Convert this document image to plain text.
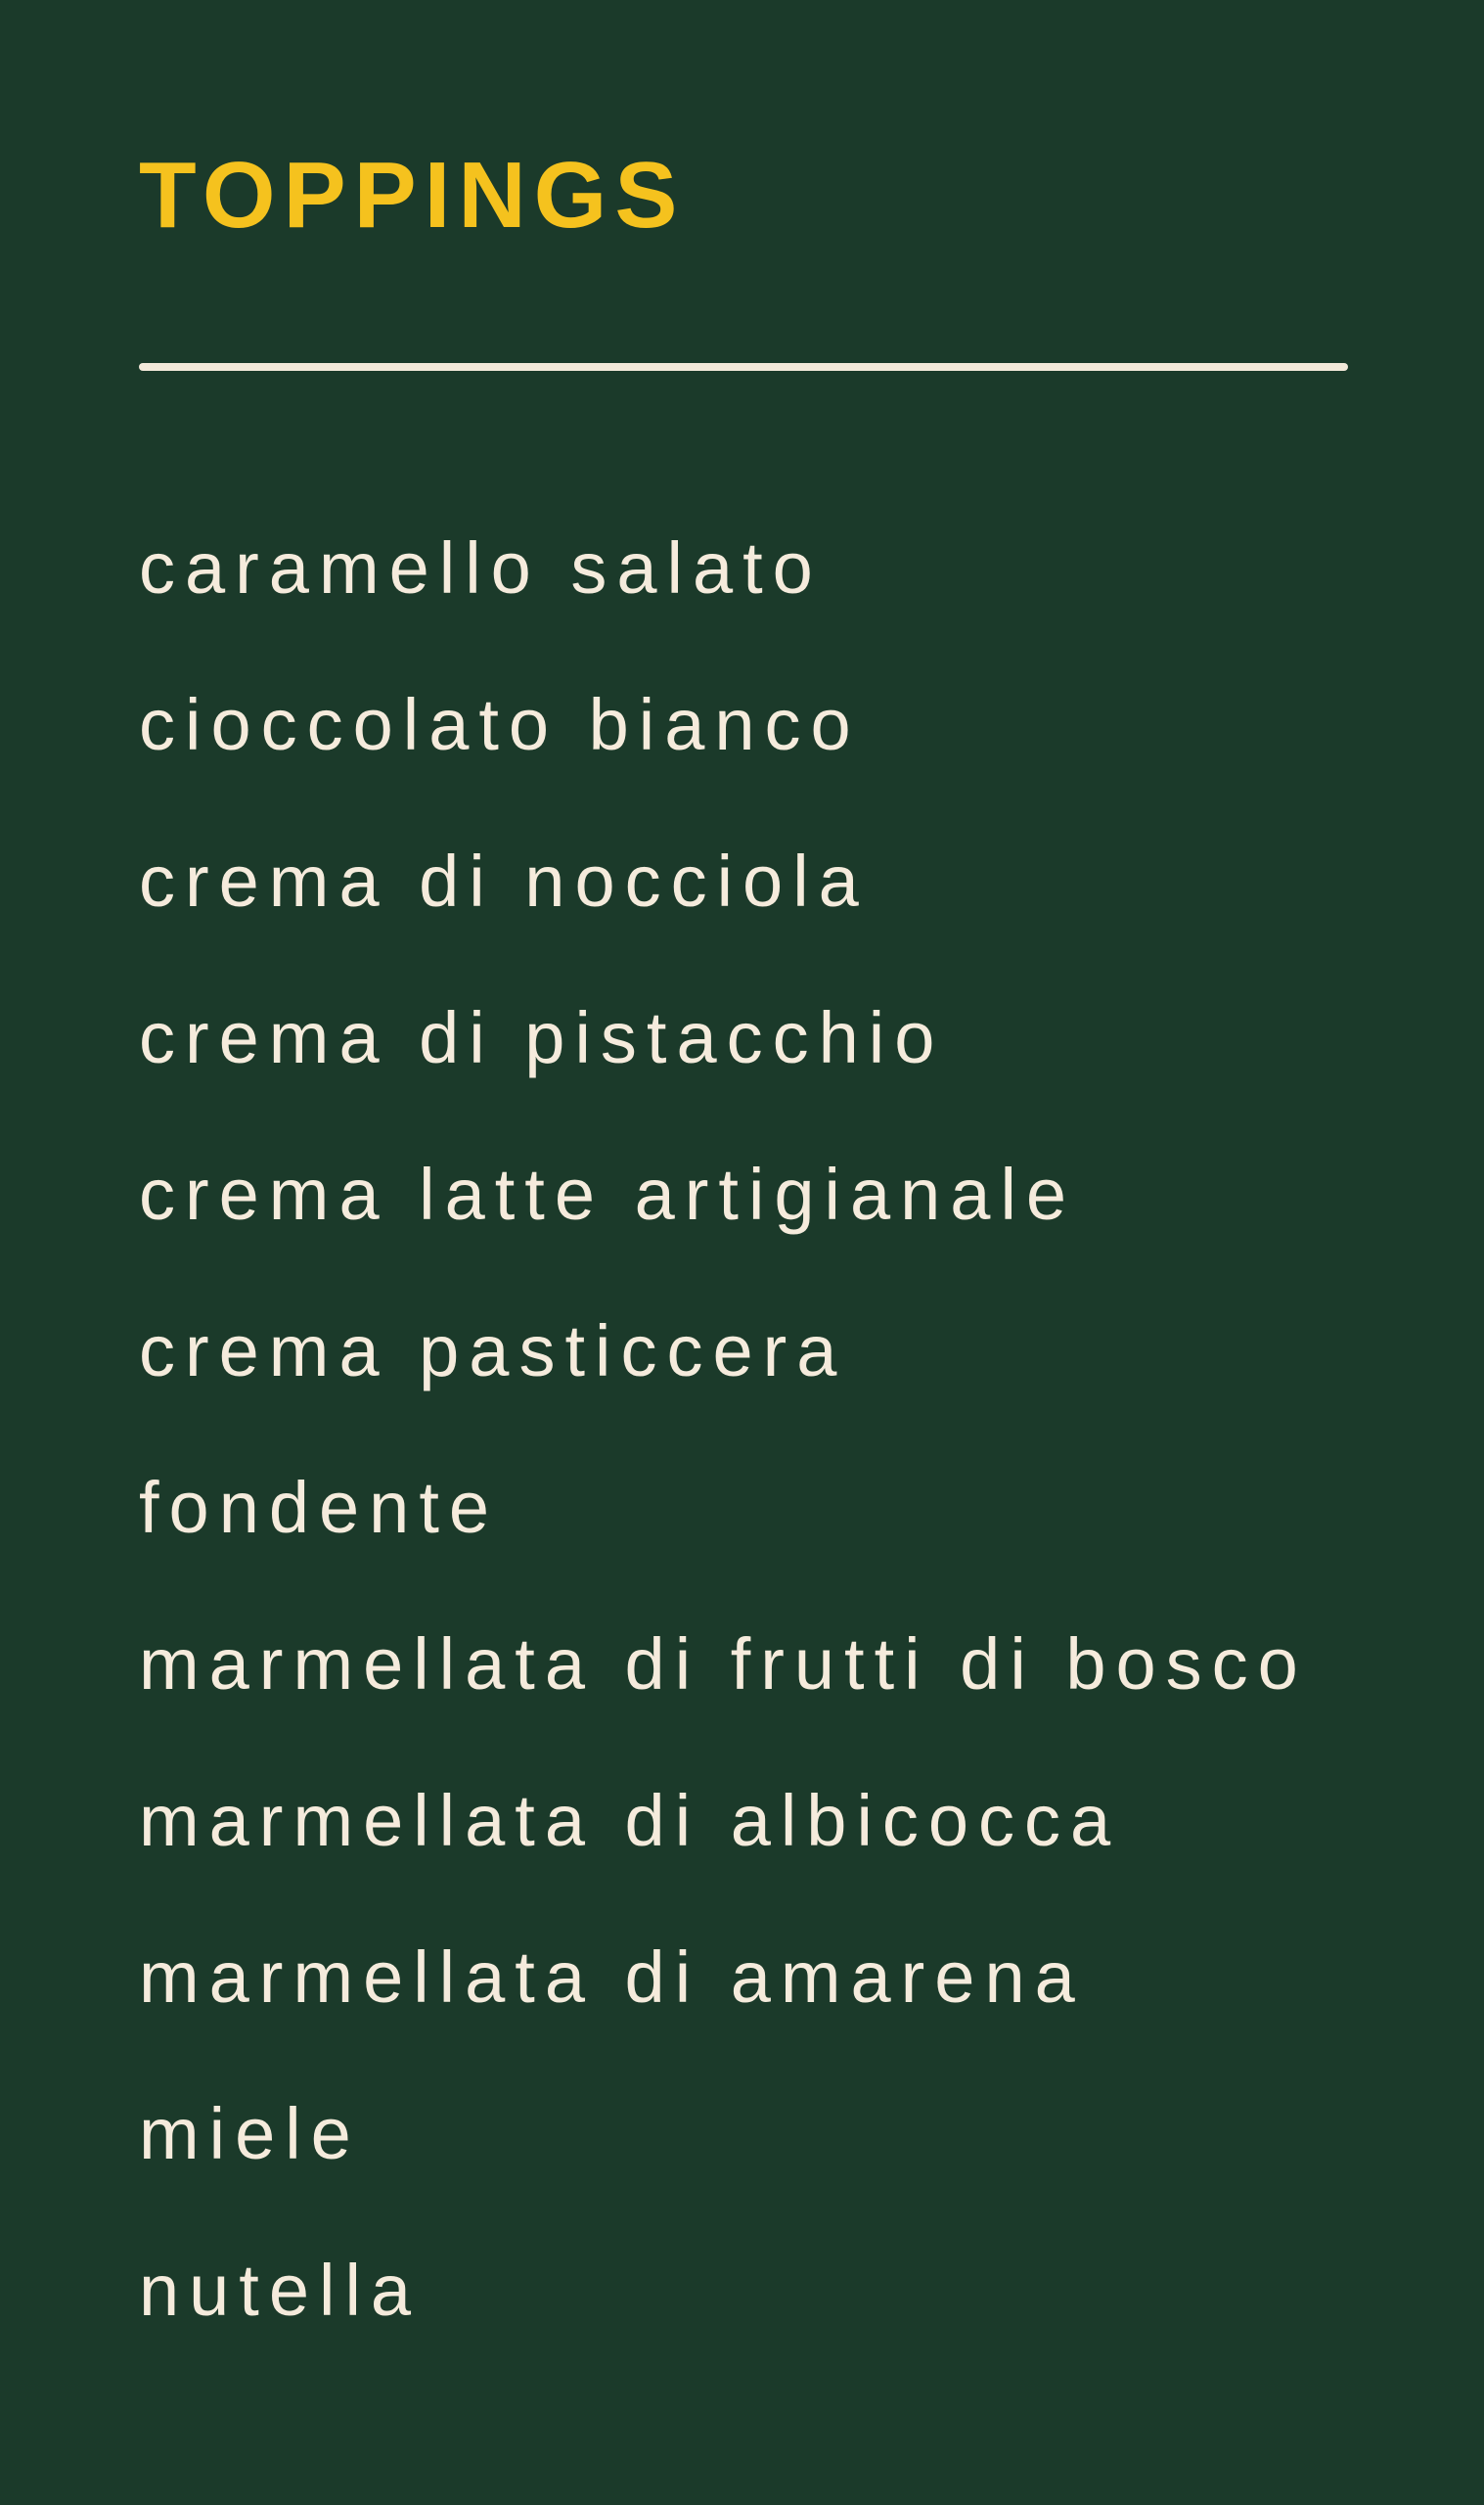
TOPPINGS
caramello salato
cioccolato bianco
crema di nocciola
crema di pistacchio
crema latte artigianale
crema pasticcera
fondente
marmellata di frutti di bosco
marmellata di albicocca
marmellata di amarena
miele
nutella
